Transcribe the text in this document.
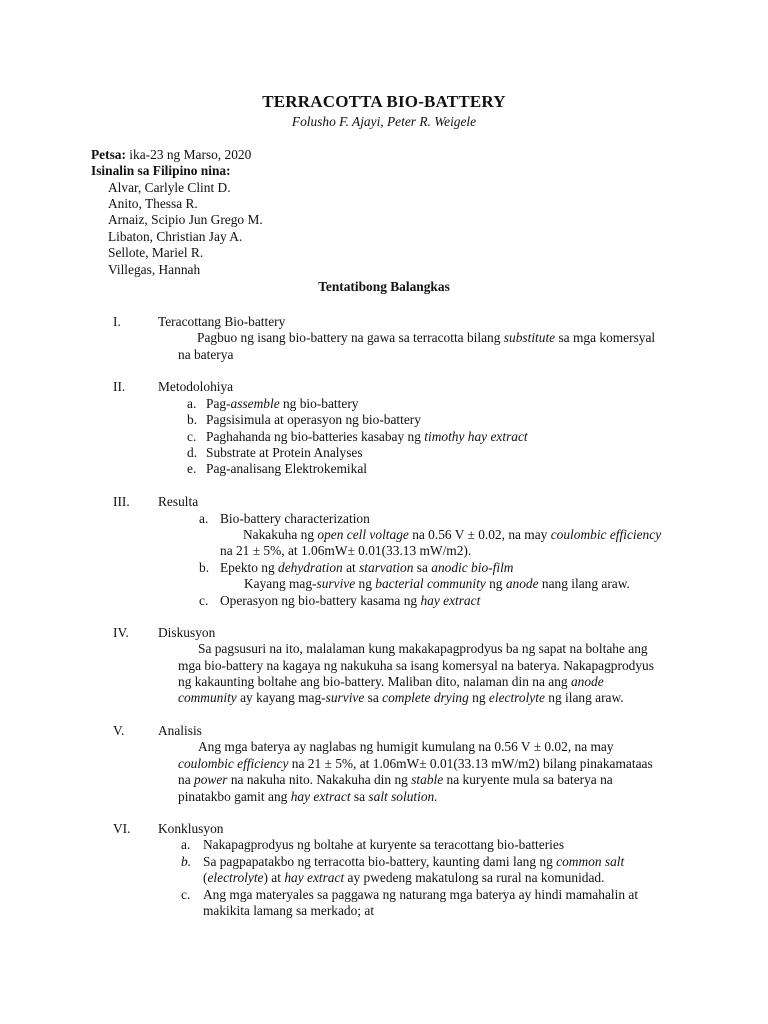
TERRACOTTA BIO-BATTERY
Folusho F. Ajayi, Peter R. Weigele
Petsa: ika-23 ng Marso, 2020
Isinalin sa Filipino nina:
Alvar, Carlyle Clint D.
Anito, Thessa R.
Arnaiz, Scipio Jun Grego M.
Libaton, Christian Jay A.
Sellote, Mariel R.
Villegas, Hannah
Tentatibong Balangkas
I.	Teracottang Bio-battery
Pagbuo ng isang bio-battery na gawa sa terracotta bilang substitute sa mga komersyal
na baterya
II. Metodolohiya
a. Pag-assemble ng bio-battery
b. Pagsisimula at operasyon ng bio-battery
c. Paghahanda ng bio-batteries kasabay ng timothy hay extract
d. Substrate at Protein Analyses
e. Pag-analisang Elektrokemikal
III. Resulta
a. Bio-battery characterization
Nakakuha ng open cell voltage na 0.56 V ± 0.02, na may coulombic efficiency
na 21 ± 5%, at 1.06mW± 0.01(33.13 mW/m2).
b. Epekto ng dehydration at starvation sa anodic bio-film
Kayang mag-survive ng bacterial community ng anode nang ilang araw.
c. Operasyon ng bio-battery kasama ng hay extract
IV. Diskusyon
Sa pagsusuri na ito, malalaman kung makakapagprodyus ba ng sapat na boltahe ang
mga bio-battery na kagaya ng nakukuha sa isang komersyal na baterya. Nakapagprodyus
ng kakaunting boltahe ang bio-battery. Maliban dito, nalaman din na ang anode
community ay kayang mag-survive sa complete drying ng electrolyte ng ilang araw.
V.	Analisis
Ang mga baterya ay naglabas ng humigit kumulang na 0.56 V ± 0.02, na may
coulombic efficiency na 21 ± 5%, at 1.06mW± 0.01(33.13 mW/m2) bilang pinakamataas
na power na nakuha nito. Nakakuha din ng stable na kuryente mula sa baterya na
pinatakbo gamit ang hay extract sa salt solution.
VI. Konklusyon
a. Nakapagprodyus ng boltahe at kuryente sa teracottang bio-batteries
b. Sa pagpapatakbo ng terracotta bio-battery, kaunting dami lang ng common salt
(electrolyte) at hay extract ay pwedeng makatulong sa rural na komunidad.
c. Ang mga materyales sa paggawa ng naturang mga baterya ay hindi mamahalin at
makikita lamang sa merkado; at
